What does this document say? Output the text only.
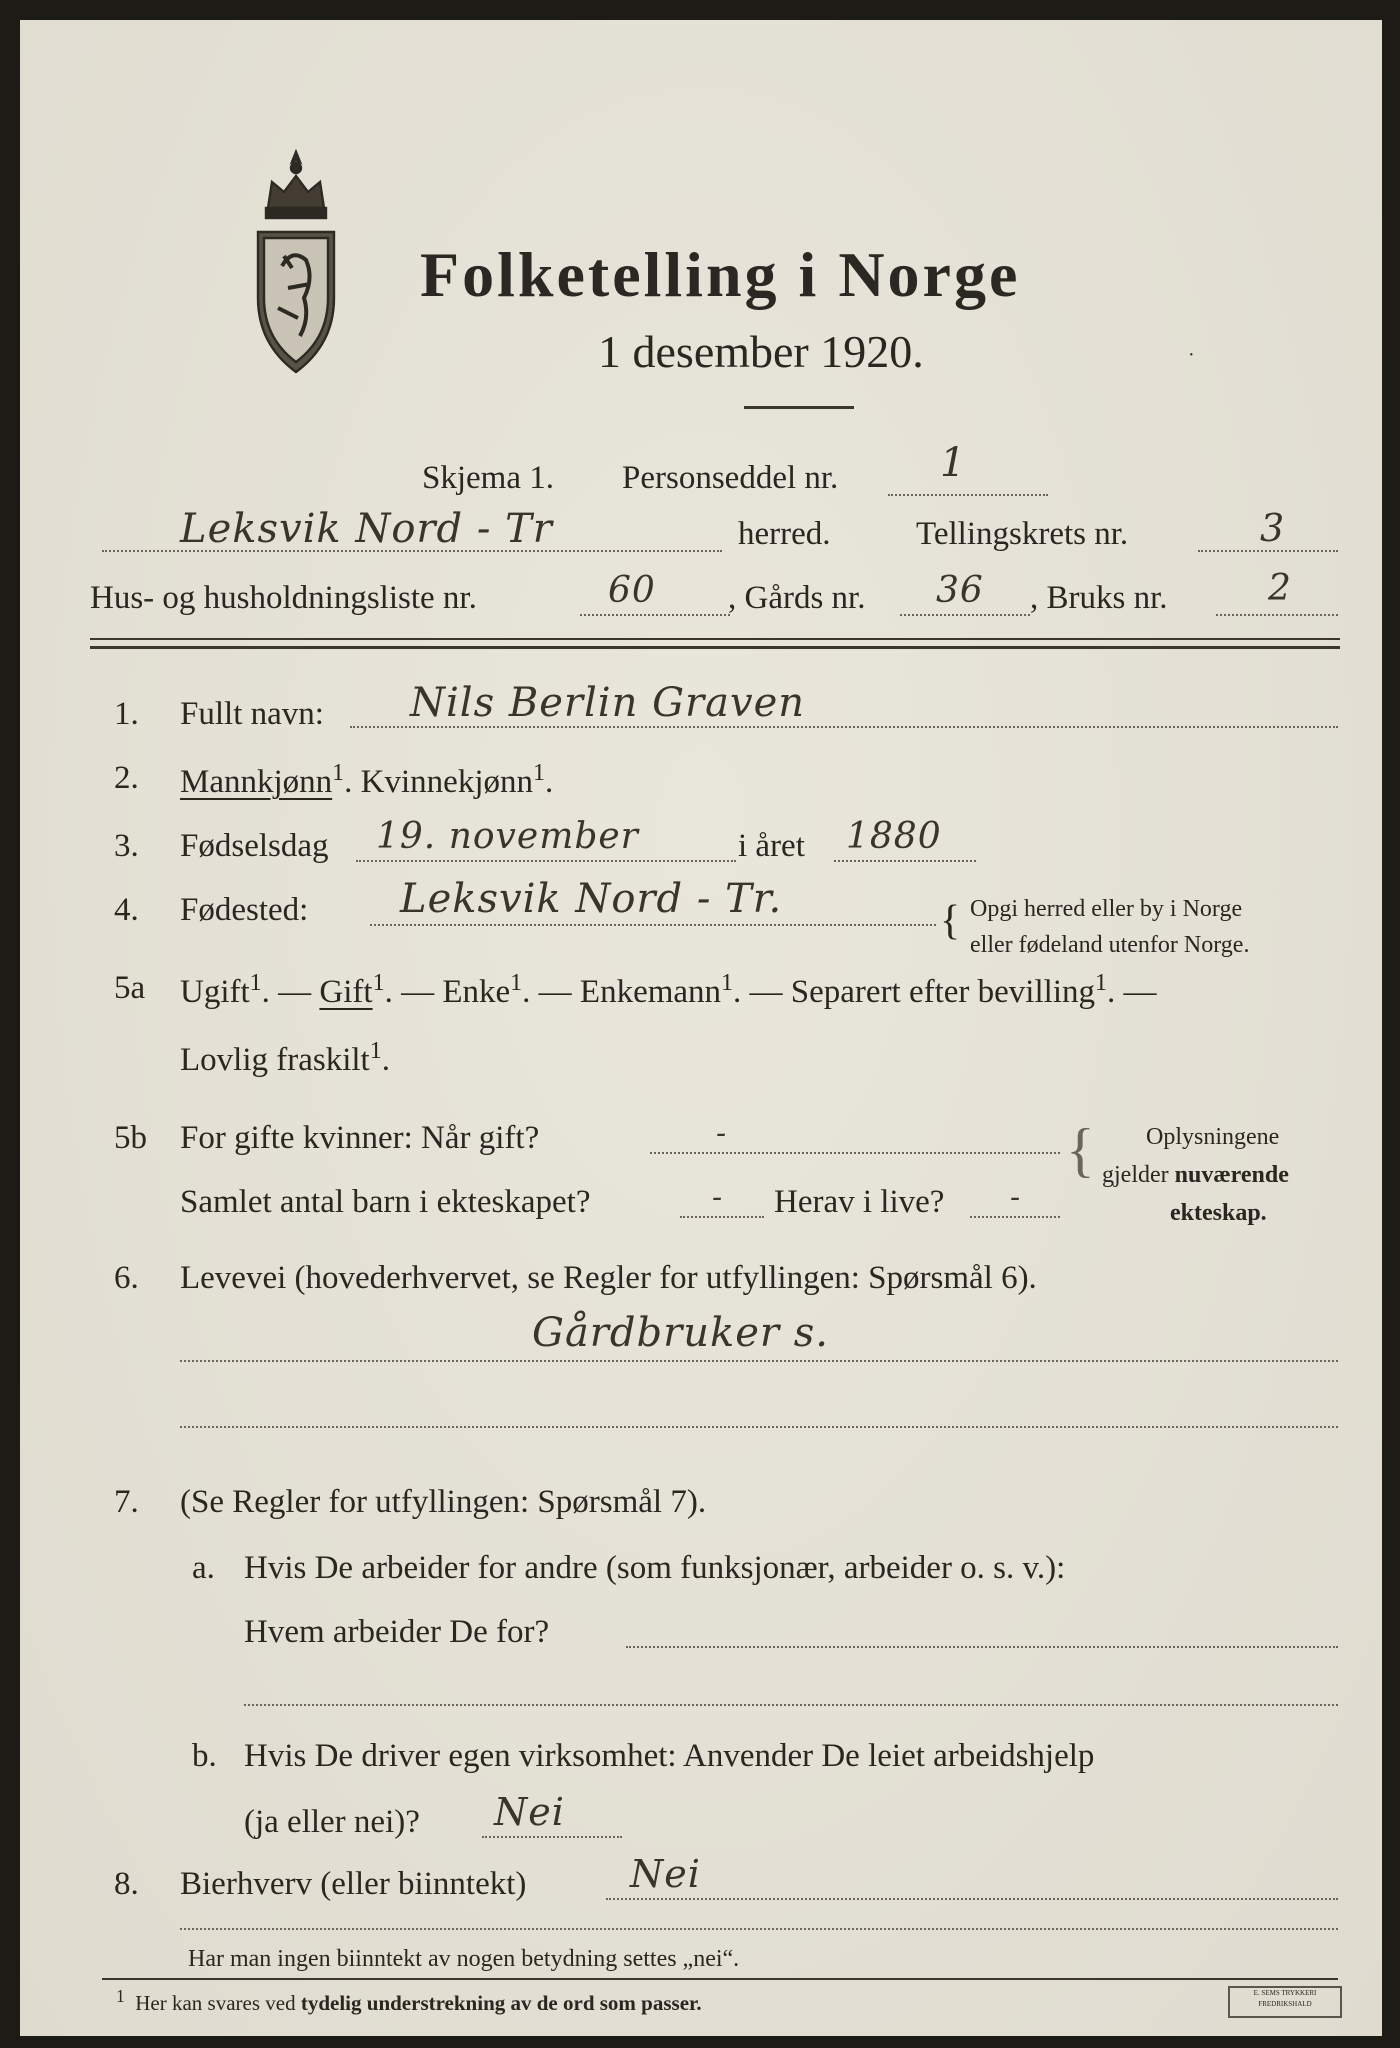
Folketelling i Norge
1 desember 1920.	·
Skjema 1. Personseddel nr.	1
Leksvik Nord - Tr	herred.	Tellingskrets nr.	3
Hus- og husholdningsliste nr.	60 , Gårds nr. 36 , Bruks nr.	2
1. Fullt navn: Nils Berlin Graven
2. Mannkjønn$^1$. Kvinnekjønn$^1$.
3. Fødselsdag 19. november	i året 1880
4. Fødested: Leksvik Nord - Tr.	{ Opgi herred eller by i Norge
eller fødeland utenfor Norge.
5a Ugift$^1$. — Gift$^1$. — Enke$^1$. — Enkemann$^1$. — Separert efter bevilling$^1$. —
Lovlig fraskilt$^1$.
5b For gifte kvinner: Når gift?	-
Samlet antal barn i ekteskapet?	- Herav i live? -
{ Oplysningene
gjelder nuværende
ekteskap.
6. Levevei (hovederhvervet, se Regler for utfyllingen: Spørsmål 6).
Gårdbruker s.
7. (Se Regler for utfyllingen: Spørsmål 7).
a. Hvis De arbeider for andre (som funksjonær, arbeider o. s. v.):
Hvem arbeider De for?
b. Hvis De driver egen virksomhet: Anvender De leiet arbeidshjelp
(ja eller nei)? Nei
8. Bierhverv (eller biinntekt)	Nei
Har man ingen biinntekt av nogen betydning settes „nei“.
$^1$ Her kan svares ved tydelig understrekning av de ord som passer.	E. SEMS TRYKKERI
FREDRIKSHALD
